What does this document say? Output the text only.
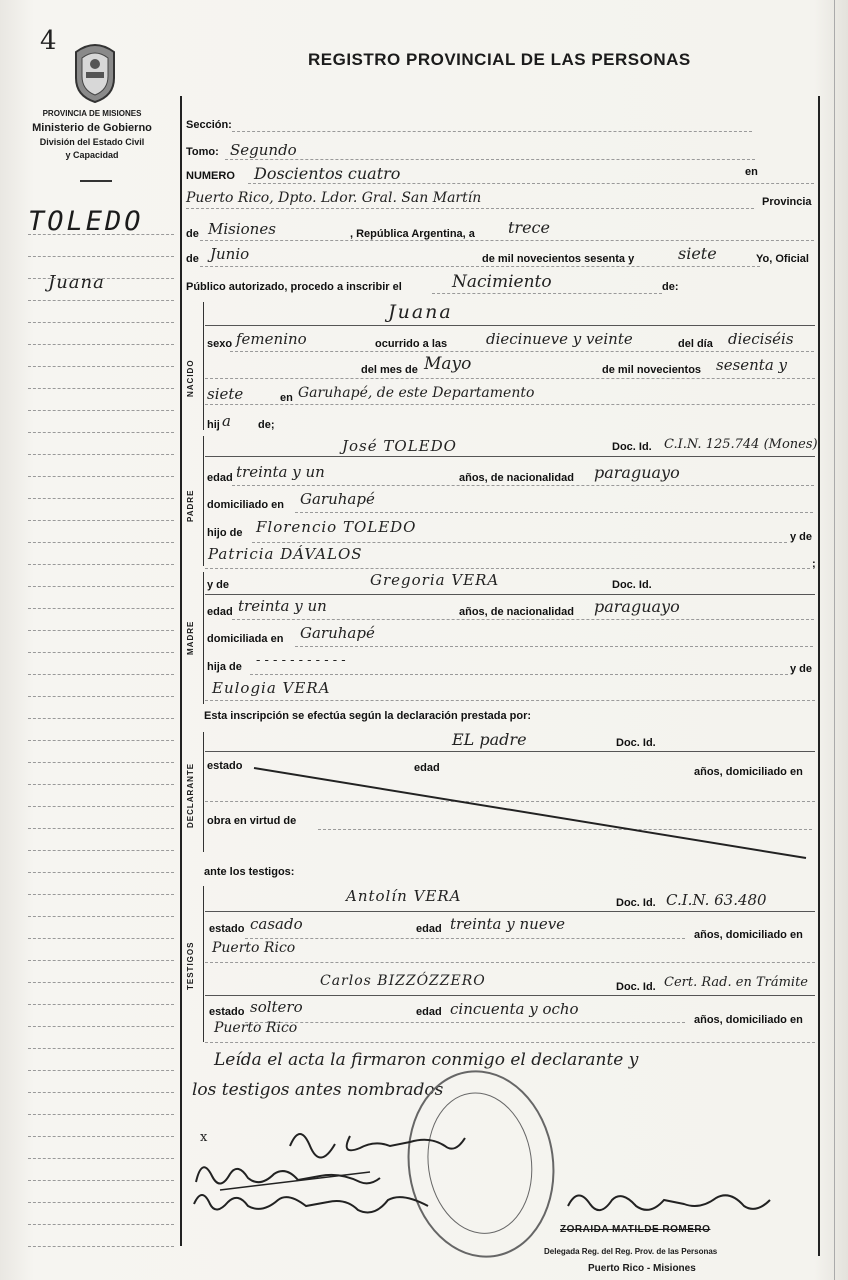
4
PROVINCIA DE MISIONES
Ministerio de Gobierno
División del Estado Civil
y Capacidad
REGISTRO PROVINCIAL DE LAS PERSONAS
TOLEDO
Juana
Sección:
Tomo: Segundo
NUMERO Doscientos cuatro	en
Puerto Rico, Dpto. Ldor. Gral. San Martín	Provincia
de Misiones	, República Argentina, a trece
de Junio	de mil novecientos sesenta y	siete	Yo, Oficial
Público autorizado, procedo a inscribir el	Nacimiento	de:
NACIDO
Juana
sexo femenino	ocurrido a las	diecinueve y veinte	del día dieciséis
del mes de Mayo	de mil novecientos sesenta y
siete	en Garuhapé, de este Departamento
hij a de;
PADRE
José TOLEDO	Doc. Id. C.I.N. 125.744 (Mones)
edad treinta y un	años, de nacionalidad paraguayo
domiciliado en Garuhapé
hijo de Florencio TOLEDO
y de
Patricia DÁVALOS
;
MADRE
y de	Gregoria VERA	Doc. Id.
edad treinta y un	años, de nacionalidad paraguayo
domiciliada en Garuhapé
hija de - - - - - - - - - - -
y de
Eulogia VERA
Esta inscripción se efectúa según la declaración prestada por:
DECLARANTE
EL padre	Doc. Id.
estado	edad	años, domiciliado en
obra en virtud de
ante los testigos:
TESTIGOS
Antolín VERA	Doc. Id. C.I.N. 63.480
estado casado	edad treinta y nueve
años, domiciliado en
Puerto Rico
Carlos BIZZÓZZERO	Doc. Id. Cert. Rad. en Trámite
estado soltero	edad cincuenta y ocho
años, domiciliado en
Puerto Rico
Leída el acta la firmaron conmigo el declarante y
los testigos antes nombrados
x
ZORAIDA MATILDE ROMERO
Delegada Reg. del Reg. Prov. de las Personas
Puerto Rico - Misiones
